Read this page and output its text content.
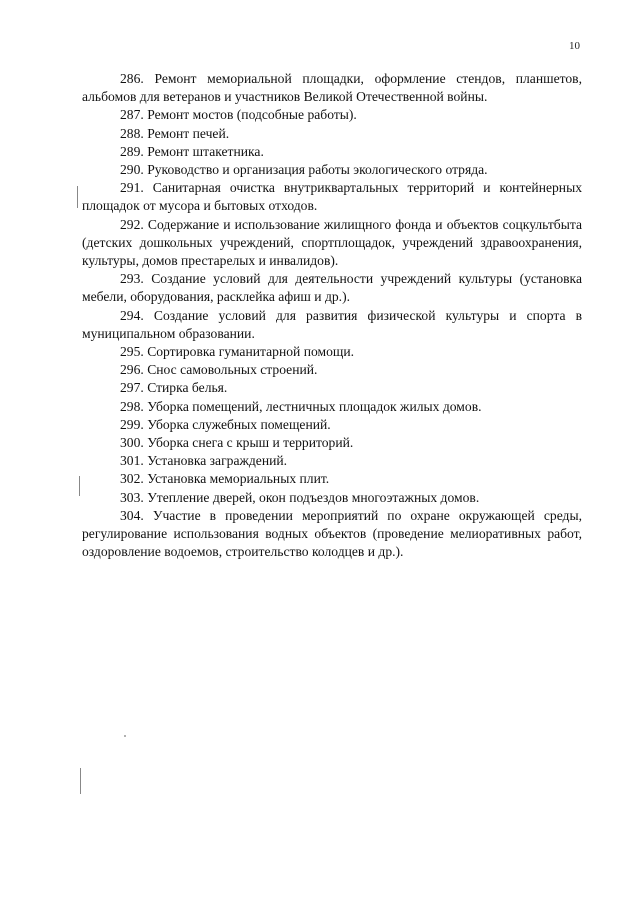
10

286. Ремонт мемориальной площадки, оформление стендов, планшетов, альбомов для ветеранов и участников Великой Отечественной войны.

287. Ремонт мостов (подсобные работы).

288. Ремонт печей.

289. Ремонт штакетника.

290. Руководство и организация работы экологического отряда.

291. Санитарная очистка внутриквартальных территорий и контейнерных площадок от мусора и бытовых отходов.

292. Содержание и использование жилищного фонда и объектов соцкультбыта (детских дошкольных учреждений, спортплощадок, учреждений здравоохранения, культуры, домов престарелых и инвалидов).

293. Создание условий для деятельности учреждений культуры (установка мебели, оборудования, расклейка афиш и др.).

294. Создание условий для развития физической культуры и спорта в муниципальном образовании.

295. Сортировка гуманитарной помощи.

296. Снос самовольных строений.

297. Стирка белья.

298. Уборка помещений, лестничных площадок жилых домов.

299. Уборка служебных помещений.

300. Уборка снега с крыш и территорий.

301. Установка заграждений.

302. Установка мемориальных плит.

303. Утепление дверей, окон подъездов многоэтажных домов.

304. Участие в проведении мероприятий по охране окружающей среды, регулирование использования водных объектов (проведение мелиоративных работ, оздоровление водоемов, строительство колодцев и др.).
